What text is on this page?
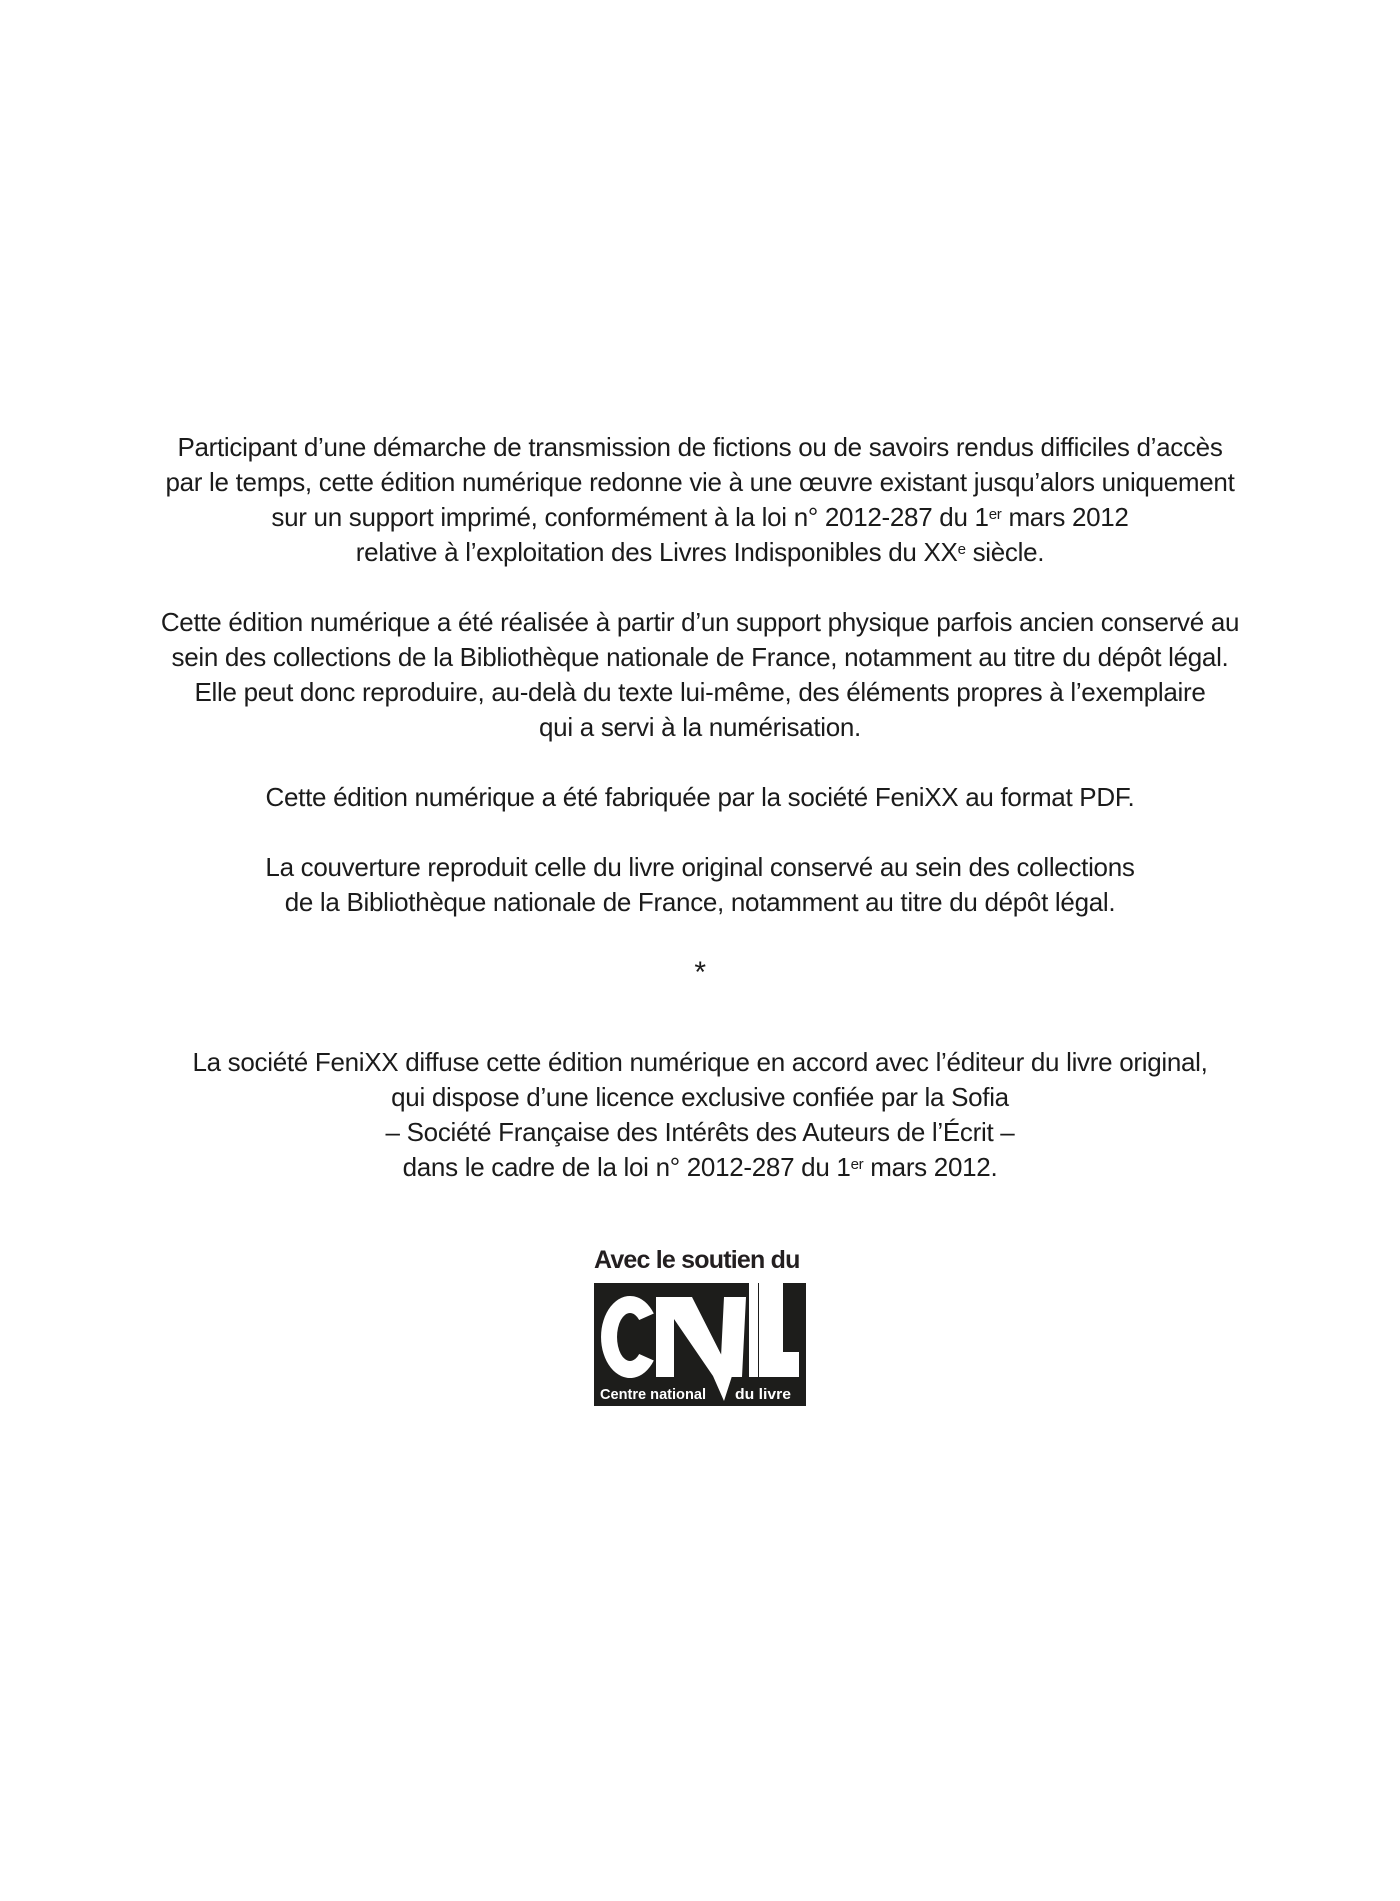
Participant d’une démarche de transmission de fictions ou de savoirs rendus difficiles d’accès
par le temps, cette édition numérique redonne vie à une œuvre existant jusqu’alors uniquement
sur un support imprimé, conformément à la loi n° 2012-287 du 1er mars 2012
relative à l’exploitation des Livres Indisponibles du XXe siècle.

Cette édition numérique a été réalisée à partir d’un support physique parfois ancien conservé au
sein des collections de la Bibliothèque nationale de France, notamment au titre du dépôt légal.
Elle peut donc reproduire, au-delà du texte lui-même, des éléments propres à l’exemplaire
qui a servi à la numérisation.

Cette édition numérique a été fabriquée par la société FeniXX au format PDF.

La couverture reproduit celle du livre original conservé au sein des collections
de la Bibliothèque nationale de France, notamment au titre du dépôt légal.

*

La société FeniXX diffuse cette édition numérique en accord avec l’éditeur du livre original,
qui dispose d’une licence exclusive confiée par la Sofia
– Société Française des Intérêts des Auteurs de l’Écrit –
dans le cadre de la loi n° 2012-287 du 1er mars 2012.

Avec le soutien du
Centre national du livre
